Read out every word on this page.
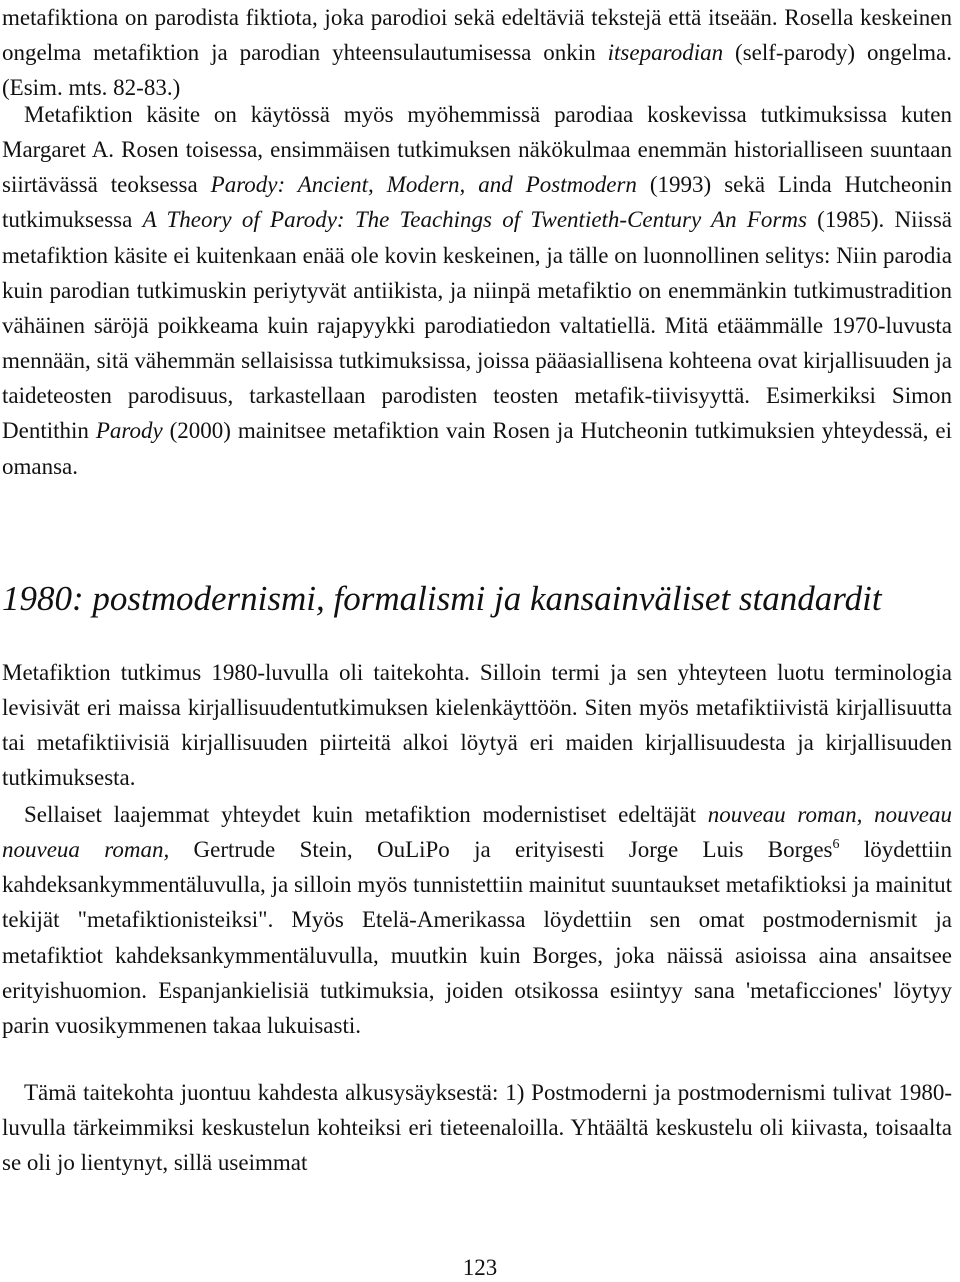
metafiktiona on parodista fiktiota, joka parodioi sekä edeltäviä tekstejä että itseään. Rosella keskeinen ongelma metafiktion ja parodian yhteensulautumisessa onkin itseparodian (self-parody) ongelma. (Esim. mts. 82-83.)

Metafiktion käsite on käytössä myös myöhemmissä parodiaa koskevissa tutkimuksissa kuten Margaret A. Rosen toisessa, ensimmäisen tutkimuksen näkökulmaa enemmän historialliseen suuntaan siirtävässä teoksessa Parody: Ancient, Modern, and Postmodern (1993) sekä Linda Hutcheonin tutkimuksessa A Theory of Parody: The Teachings of Twentieth-Century An Forms (1985). Niissä metafiktion käsite ei kuitenkaan enää ole kovin keskeinen, ja tälle on luonnollinen selitys: Niin parodia kuin parodian tutkimuskin periytyvät antiikista, ja niinpä metafiktio on enemmänkin tutkimustradition vähäinen säröjä poikkeama kuin rajapyykki parodiatiedon valtatiellä. Mitä etäämmälle 1970-luvusta mennään, sitä vähemmän sellaisissa tutkimuksissa, joissa pääasiallisena kohteena ovat kirjallisuuden ja taideteosten parodisuus, tarkastellaan parodisten teosten metafik-tiivisyyttä. Esimerkiksi Simon Dentithin Parody (2000) mainitsee metafiktion vain Rosen ja Hutcheonin tutkimuksien yhteydessä, ei omansa.

1980: postmodernismi, formalismi ja kansainväliset standardit

Metafiktion tutkimus 1980-luvulla oli taitekohta. Silloin termi ja sen yhteyteen luotu terminologia levisivät eri maissa kirjallisuudentutkimuksen kielenkäyttöön. Siten myös metafiktiivistä kirjallisuutta tai metafiktiivisiä kirjallisuuden piirteitä alkoi löytyä eri maiden kirjallisuudesta ja kirjallisuuden tutkimuksesta.

Sellaiset laajemmat yhteydet kuin metafiktion modernistiset edeltäjät nouveau roman, nouveau nouveua roman, Gertrude Stein, OuLiPo ja erityisesti Jorge Luis Borges$^6$ löydettiin kahdeksankymmentäluvulla, ja silloin myös tunnistettiin mainitut suuntaukset metafiktioksi ja mainitut tekijät "metafiktionisteiksi". Myös Etelä-Amerikassa löydettiin sen omat postmodernismit ja metafiktiot kahdeksankymmentäluvulla, muutkin kuin Borges, joka näissä asioissa aina ansaitsee erityishuomion. Espanjankielisiä tutkimuksia, joiden otsikossa esiintyy sana 'metaficciones' löytyy parin vuosikymmenen takaa lukuisasti.

Tämä taitekohta juontuu kahdesta alkusysäyksestä: 1) Postmoderni ja postmodernismi tulivat 1980-luvulla tärkeimmiksi keskustelun kohteiksi eri tieteenaloilla. Yhtäältä keskustelu oli kiivasta, toisaalta se oli jo lientynyt, sillä useimmat

123
